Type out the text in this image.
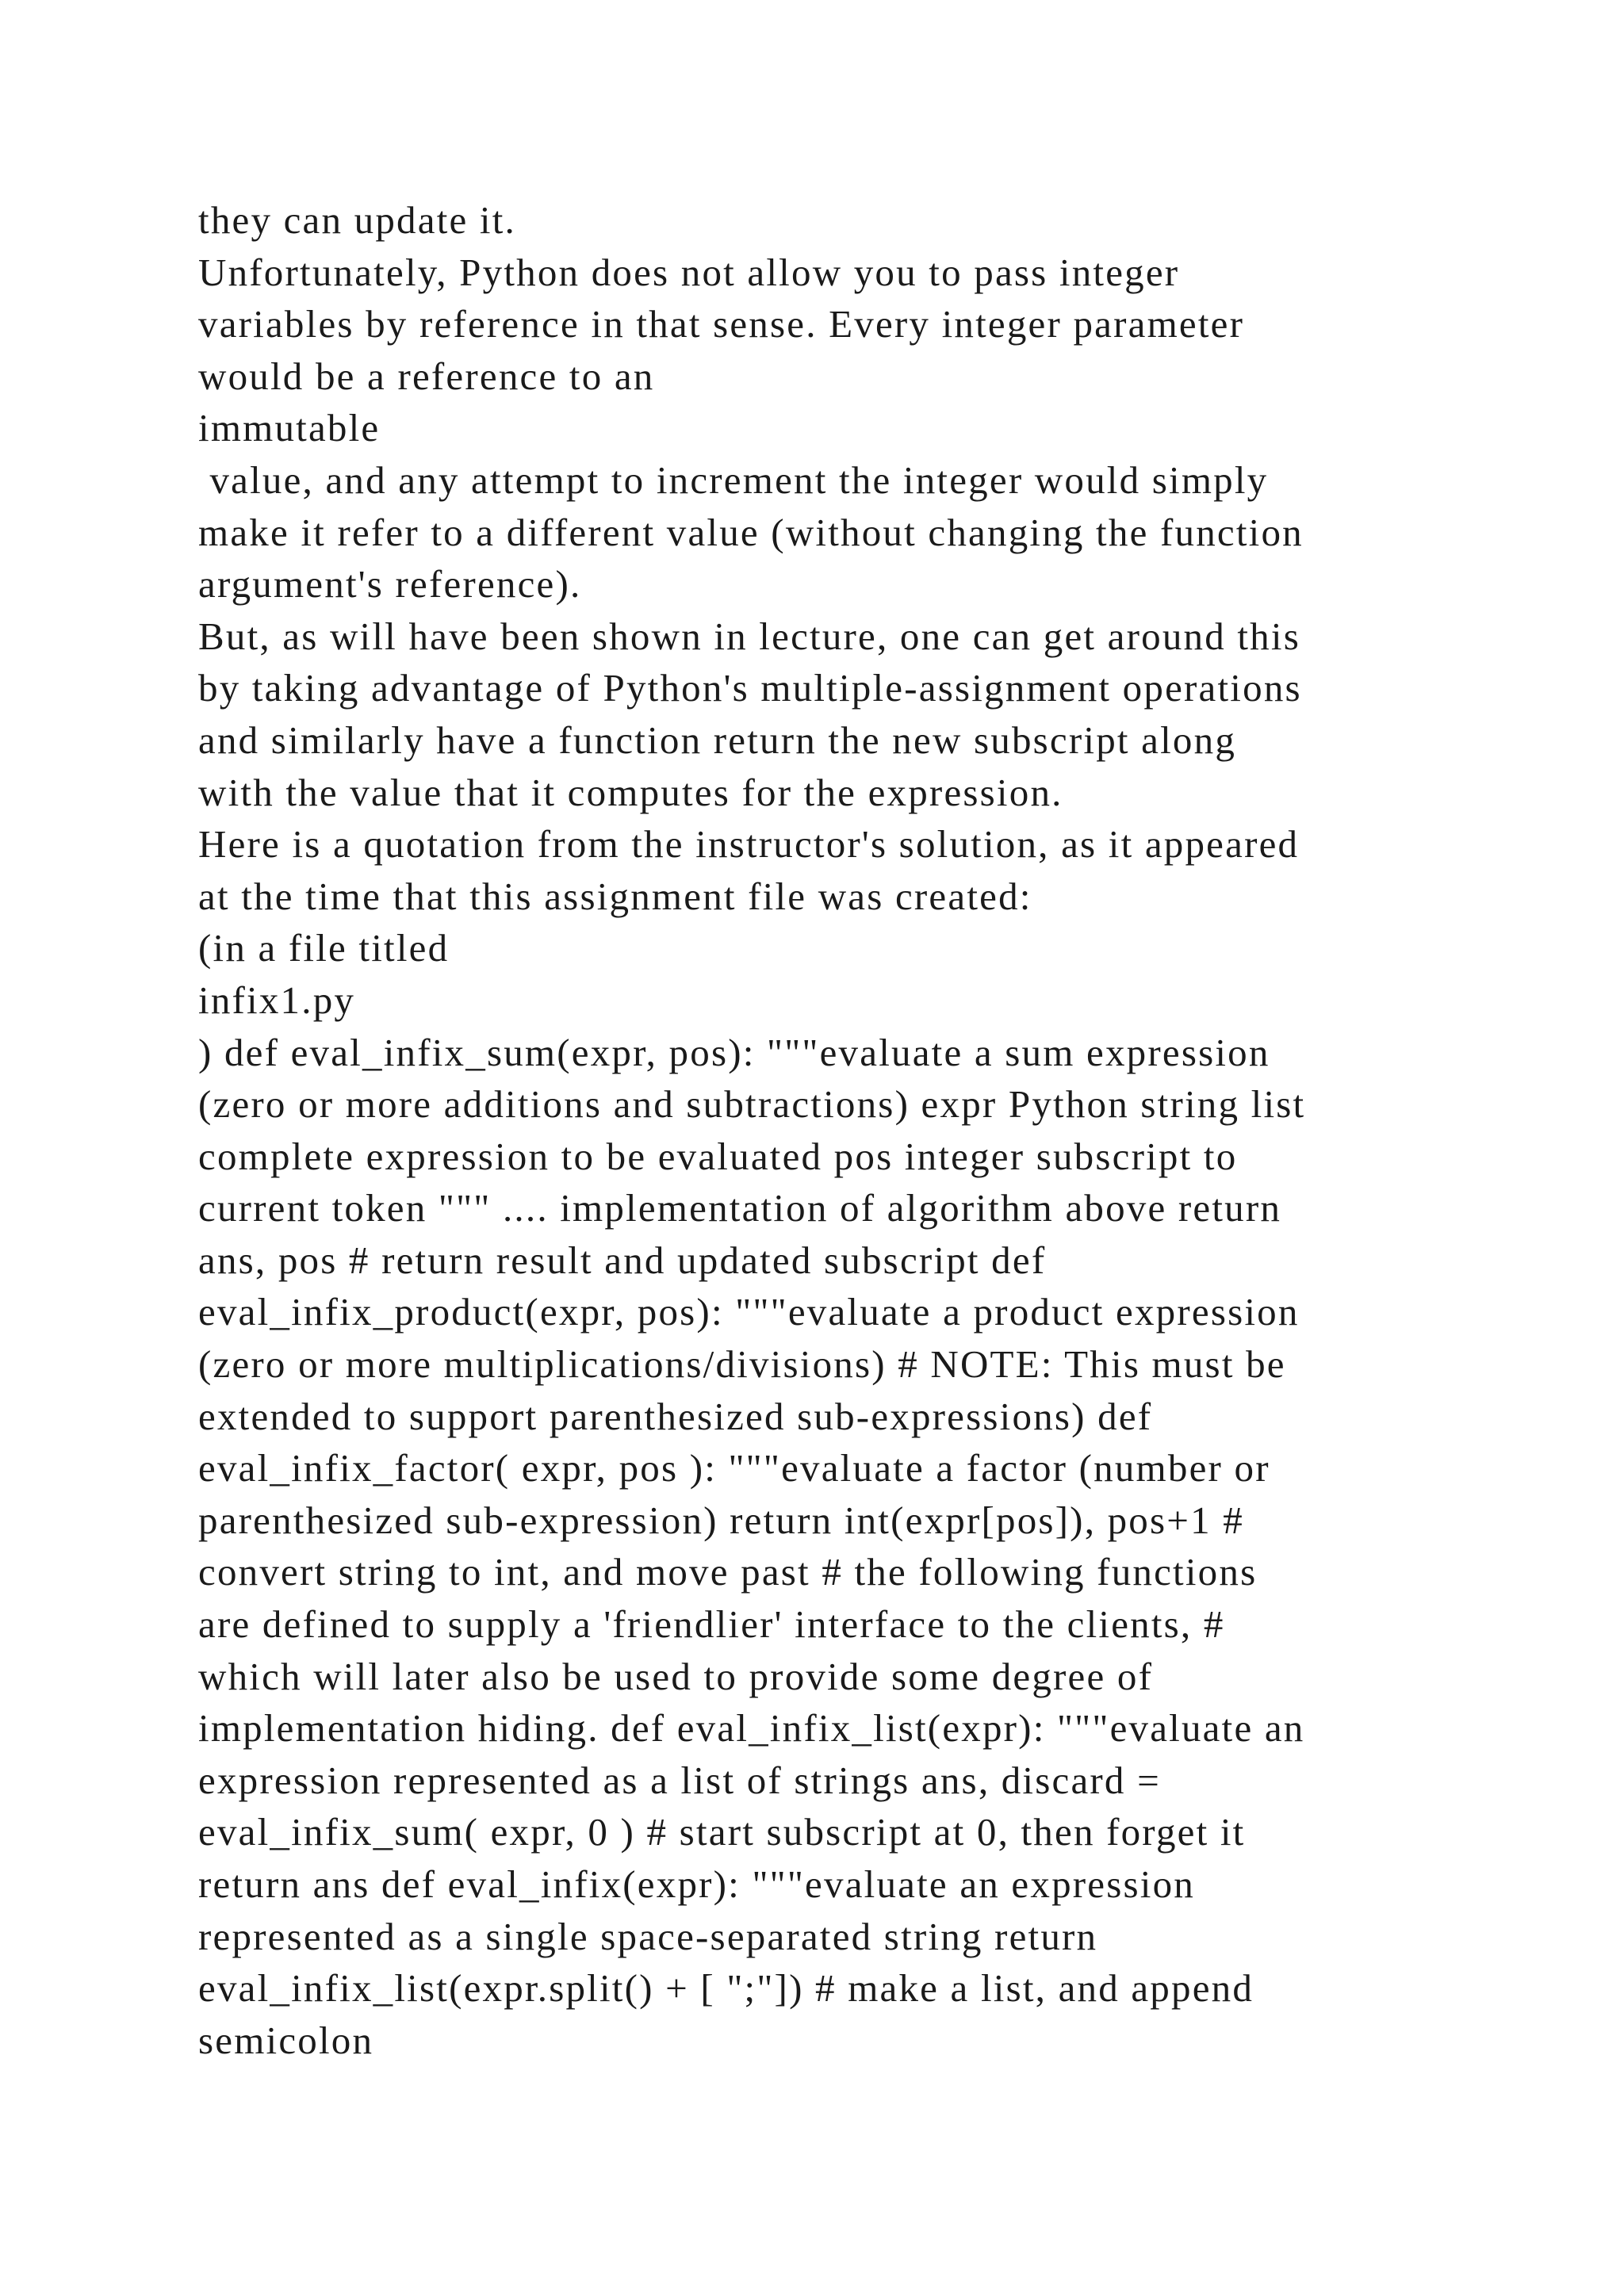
they can update it.

Unfortunately, Python does not allow you to pass integer

variables by reference in that sense. Every integer parameter

would be a reference to an

immutable

value, and any attempt to increment the integer would simply

make it refer to a different value (without changing the function

argument's reference).

But, as will have been shown in lecture, one can get around this

by taking advantage of Python's multiple-assignment operations

and similarly have a function return the new subscript along

with the value that it computes for the expression.

Here is a quotation from the instructor's solution, as it appeared

at the time that this assignment file was created:

(in a file titled

infix1.py

) def eval_infix_sum(expr, pos): """evaluate a sum expression

(zero or more additions and subtractions) expr Python string list

complete expression to be evaluated pos integer subscript to

current token """ .... implementation of algorithm above return

ans, pos # return result and updated subscript def

eval_infix_product(expr, pos): """evaluate a product expression

(zero or more multiplications/divisions) # NOTE: This must be

extended to support parenthesized sub-expressions) def

eval_infix_factor( expr, pos ): """evaluate a factor (number or

parenthesized sub-expression) return int(expr[pos]), pos+1 #

convert string to int, and move past # the following functions

are defined to supply a 'friendlier' interface to the clients, #

which will later also be used to provide some degree of

implementation hiding. def eval_infix_list(expr): """evaluate an

expression represented as a list of strings ans, discard =

eval_infix_sum( expr, 0 ) # start subscript at 0, then forget it

return ans def eval_infix(expr): """evaluate an expression

represented as a single space-separated string return

eval_infix_list(expr.split() + [ ";"]) # make a list, and append

semicolon
